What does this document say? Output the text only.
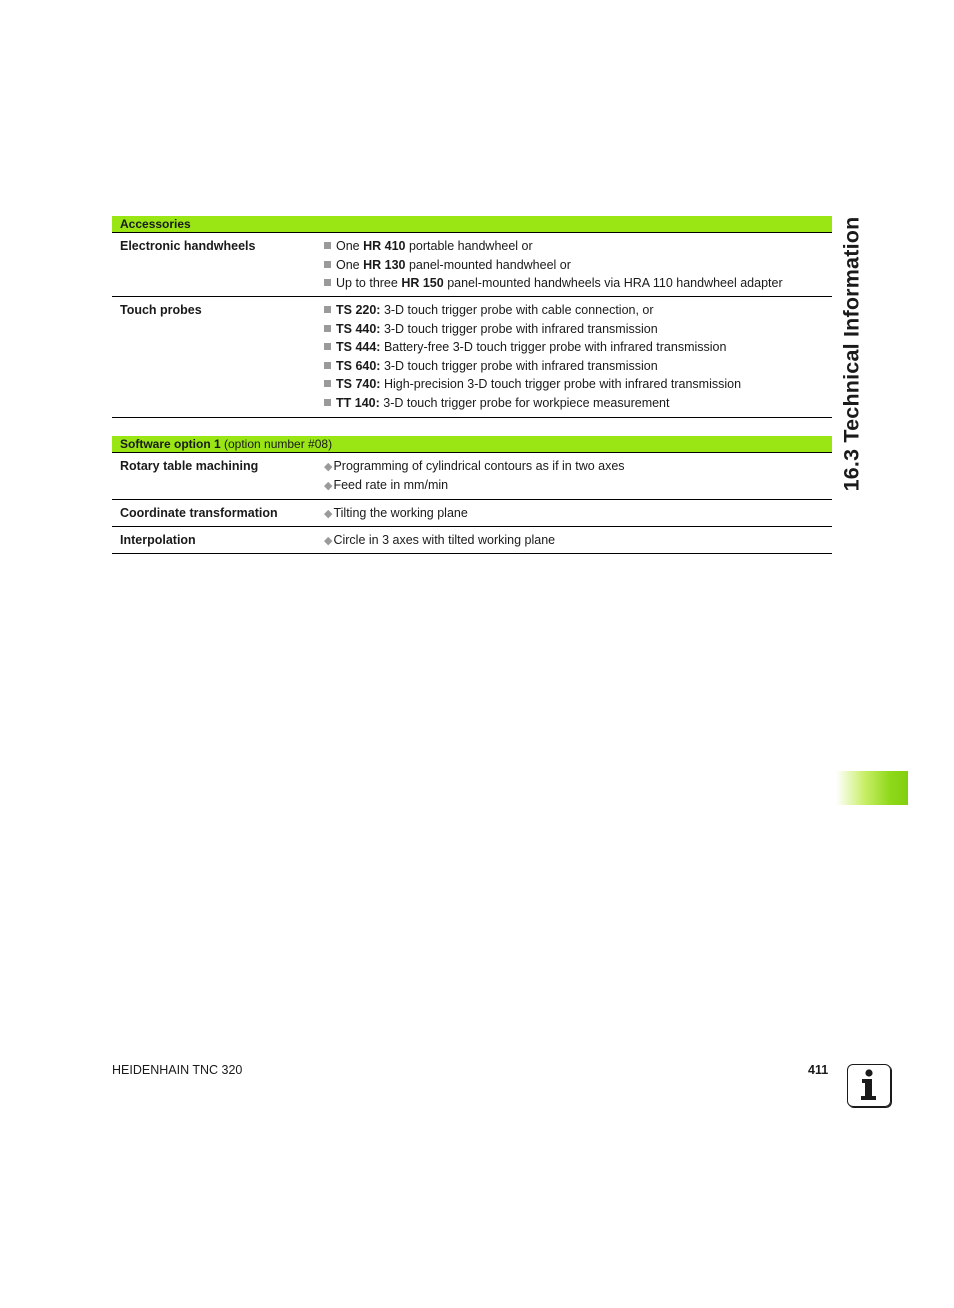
16.3 Technical Information
Accessories
Electronic handwheels	One HR 410 portable handwheel or
One HR 130 panel-mounted handwheel or
Up to three HR 150 panel-mounted handwheels via HRA 110 handwheel adapter
Touch probes	TS 220: 3-D touch trigger probe with cable connection, or
TS 440: 3-D touch trigger probe with infrared transmission
TS 444: Battery-free 3-D touch trigger probe with infrared transmission
TS 640: 3-D touch trigger probe with infrared transmission
TS 740: High-precision 3-D touch trigger probe with infrared transmission
TT 140: 3-D touch trigger probe for workpiece measurement
Software option 1 (option number #08)
Rotary table machining	◆Programming of cylindrical contours as if in two axes
◆Feed rate in mm/min
Coordinate transformation	◆Tilting the working plane
Interpolation	◆Circle in 3 axes with tilted working plane
HEIDENHAIN TNC 320	411
